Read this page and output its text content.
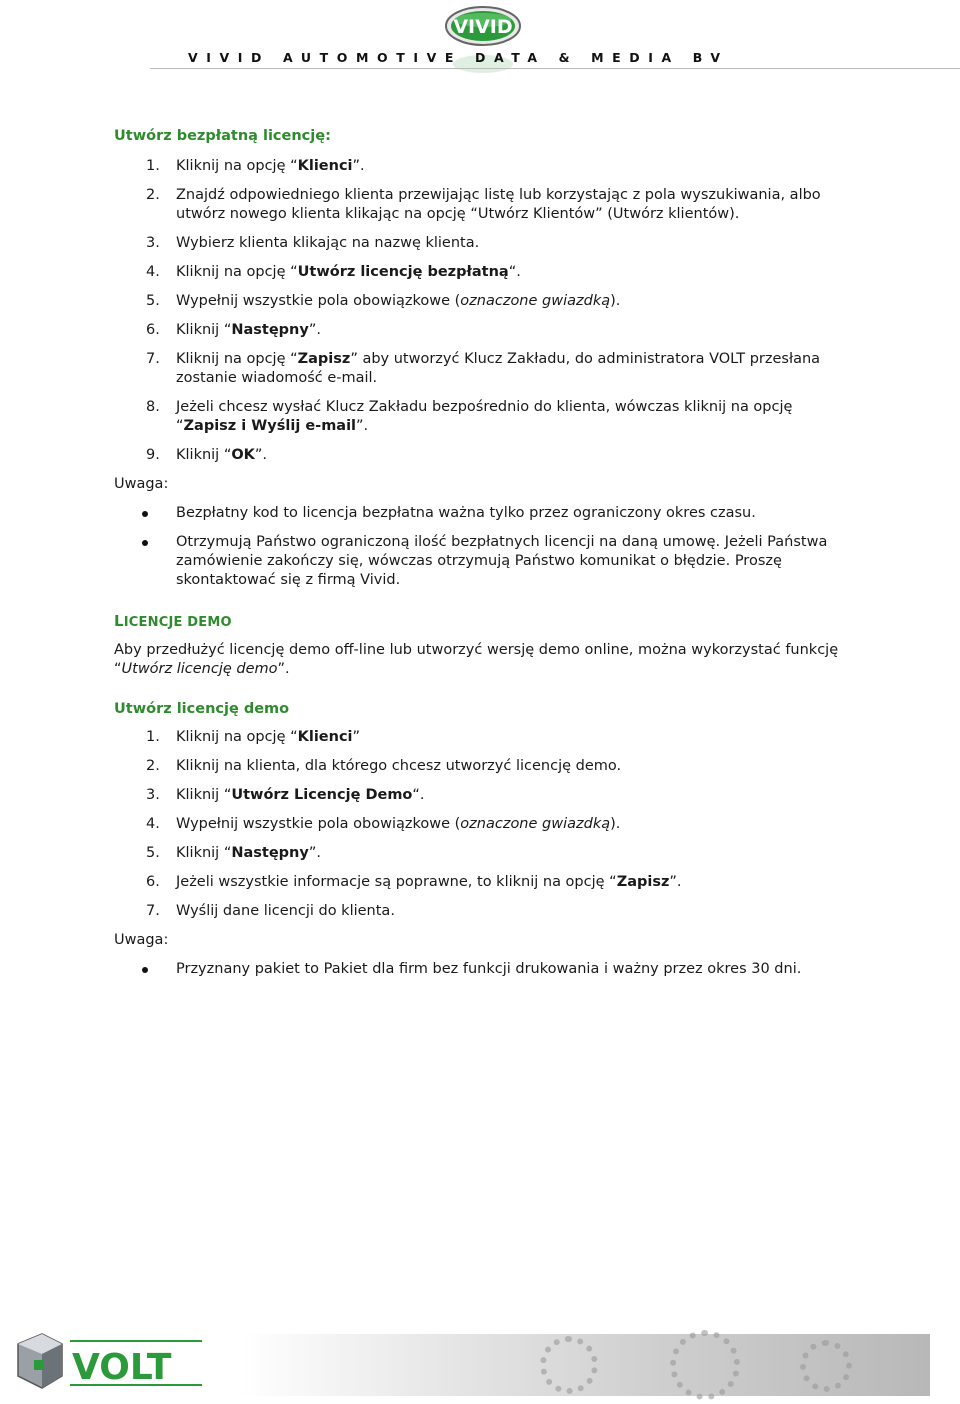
VIVID
VIVID AUTOMOTIVE DATA & MEDIA BV
Utwórz bezpłatną licencję:
1. Kliknij na opcję “Klienci”.
2. Znajdź odpowiedniego klienta przewijając listę lub korzystając z pola wyszukiwania, albo utwórz nowego klienta klikając na opcję “Utwórz Klientów” (Utwórz klientów).
3. Wybierz klienta klikając na nazwę klienta.
4. Kliknij na opcję “Utwórz licencję bezpłatną“.
5. Wypełnij wszystkie pola obowiązkowe (oznaczone gwiazdką).
6. Kliknij “Następny”.
7. Kliknij na opcję “Zapisz” aby utworzyć Klucz Zakładu, do administratora VOLT przesłana zostanie wiadomość e-mail.
8. Jeżeli chcesz wysłać Klucz Zakładu bezpośrednio do klienta, wówczas kliknij na opcję “Zapisz i Wyślij e-mail”.
9. Kliknij “OK”.
Uwaga:
Bezpłatny kod to licencja bezpłatna ważna tylko przez ograniczony okres czasu.
Otrzymują Państwo ograniczoną ilość bezpłatnych licencji na daną umowę. Jeżeli Państwa zamówienie zakończy się, wówczas otrzymują Państwo komunikat o błędzie. Proszę skontaktować się z firmą Vivid.
LICENCJE DEMO

Aby przedłużyć licencję demo off-line lub utworzyć wersję demo online, można wykorzystać funkcję “Utwórz licencję demo”.

Utwórz licencję demo
1. Kliknij na opcję “Klienci”
2. Kliknij na klienta, dla którego chcesz utworzyć licencję demo.
3. Kliknij “Utwórz Licencję Demo“.
4. Wypełnij wszystkie pola obowiązkowe (oznaczone gwiazdką).
5. Kliknij “Następny”.
6. Jeżeli wszystkie informacje są poprawne, to kliknij na opcję “Zapisz”.
7. Wyślij dane licencji do klienta.
Uwaga:
Przyznany pakiet to Pakiet dla firm bez funkcji drukowania i ważny przez okres 30 dni.
VOLT
